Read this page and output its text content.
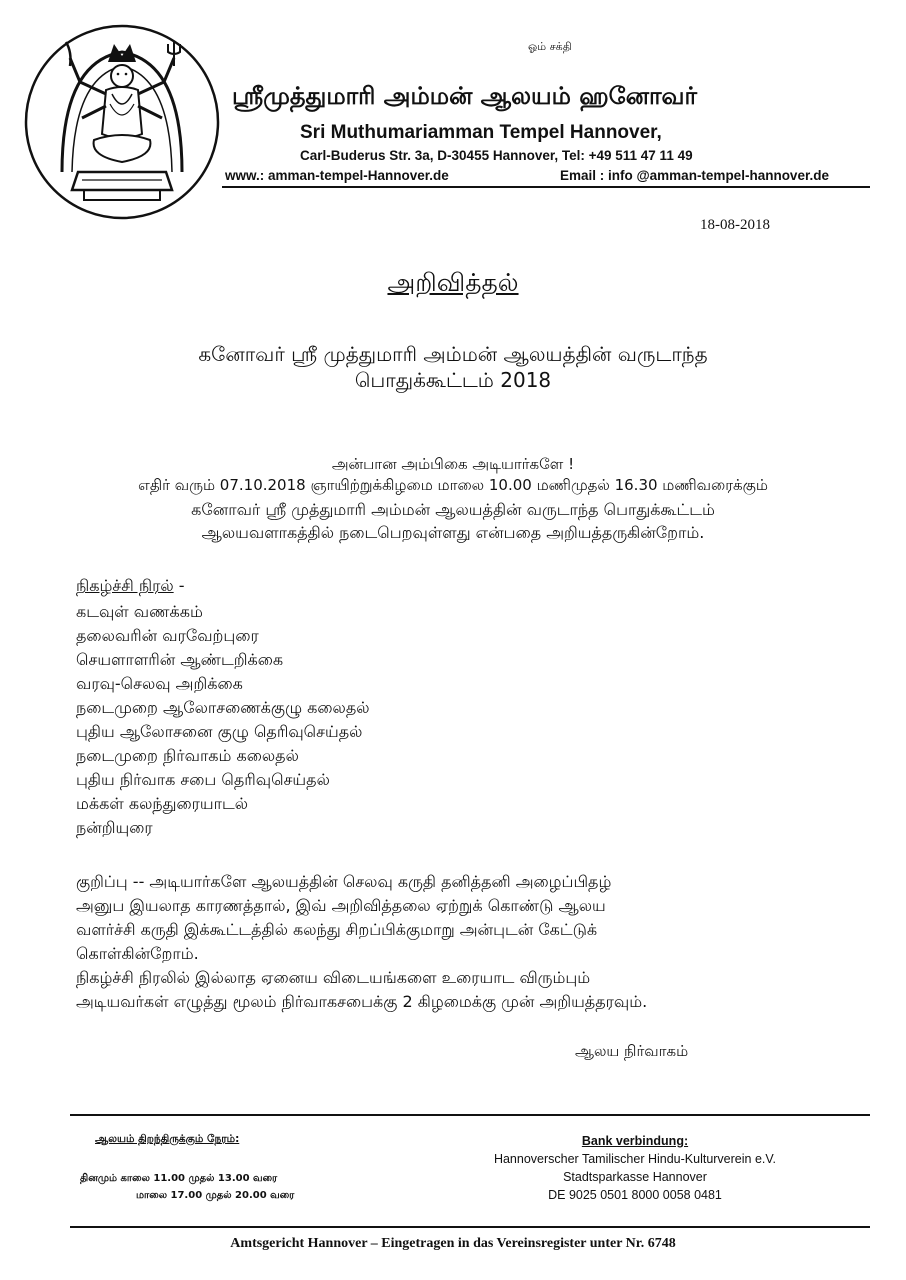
ஓம் சக்தி
ஸ்ரீமுத்துமாரி அம்மன் ஆலயம் ஹனோவர்
Sri Muthumariamman Tempel Hannover,
Carl-Buderus Str. 3a, D-30455 Hannover, Tel: +49 511 47 11 49
www.: amman-tempel-Hannover.de	Email : info @amman-tempel-hannover.de
18-08-2018
அறிவித்தல்
கனோவர் ஸ்ரீ முத்துமாரி அம்மன் ஆலயத்தின் வருடாந்த
பொதுக்கூட்டம் 2018
அன்பான அம்பிகை அடியார்களே !
எதிர் வரும் 07.10.2018 ஞாயிற்றுக்கிழமை மாலை 10.00 மணிமுதல் 16.30 மணிவரைக்கும்
கனோவர் ஸ்ரீ முத்துமாரி அம்மன் ஆலயத்தின் வருடாந்த பொதுக்கூட்டம்
ஆலயவளாகத்தில் நடைபெறவுள்ளது என்பதை அறியத்தருகின்றோம்.
நிகழ்ச்சி நிரல் -
கடவுள் வணக்கம்
தலைவரின் வரவேற்புரை
செயளாளரின் ஆண்டறிக்கை
வரவு-செலவு அறிக்கை
நடைமுறை ஆலோசணைக்குழு கலைதல்
புதிய ஆலோசனை குழு தெரிவுசெய்தல்
நடைமுறை நிர்வாகம் கலைதல்
புதிய நிர்வாக சபை தெரிவுசெய்தல்
மக்கள் கலந்துரையாடல்
நன்றியுரை
குறிப்பு -- அடியார்களே ஆலயத்தின் செலவு கருதி தனித்தனி அழைப்பிதழ்
அனுப இயலாத காரணத்தால், இவ் அறிவித்தலை ஏற்றுக் கொண்டு ஆலய
வளர்ச்சி கருதி இக்கூட்டத்தில் கலந்து சிறப்பிக்குமாறு அன்புடன் கேட்டுக்
கொள்கின்றோம்.
நிகழ்ச்சி நிரலில் இல்லாத ஏனைய விடையங்களை உரையாட விரும்பும்
அடியவர்கள் எழுத்து மூலம் நிர்வாகசபைக்கு 2 கிழமைக்கு முன் அறியத்தரவும்.
ஆலய நிர்வாகம்
ஆலயம் திறந்திருக்கும் நேரம்:
தினமும் காலை 11.00 முதல் 13.00 வரை
மாலை 17.00 முதல் 20.00 வரை
Bank verbindung:
Hannoverscher Tamilischer Hindu-Kulturverein e.V.
Stadtsparkasse Hannover
DE 9025 0501 8000 0058 0481
Amtsgericht Hannover – Eingetragen in das Vereinsregister unter Nr. 6748
